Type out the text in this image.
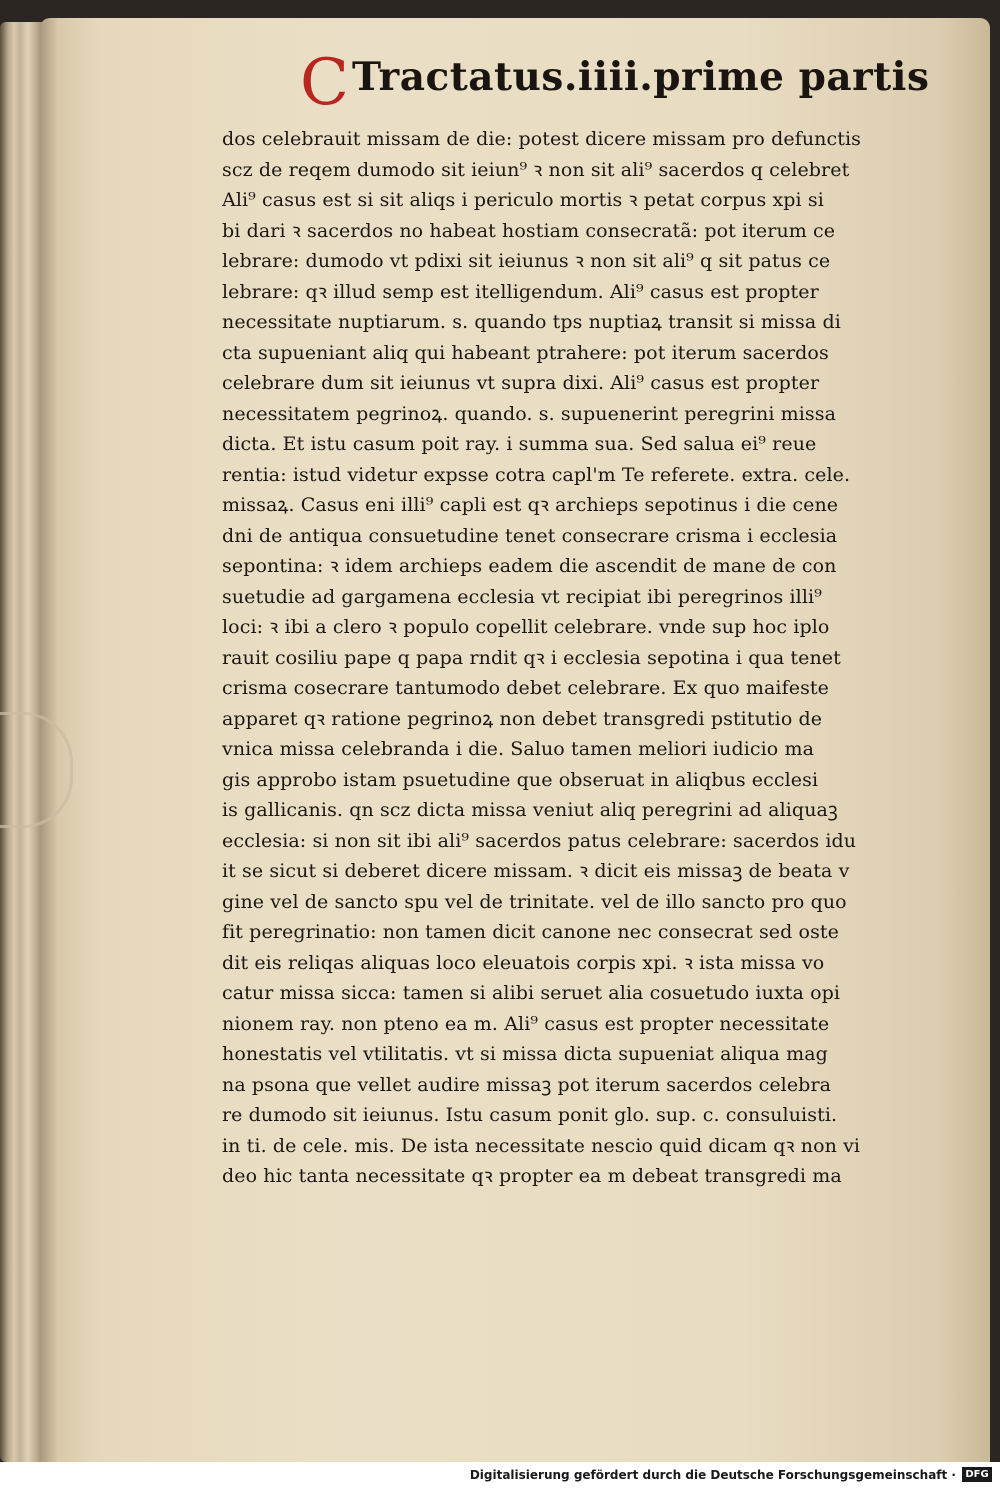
C Tractatus.iiii.prime partis
dos celebrauit missam de die: potest dicere missam pro defunctis
scz de reqem dumodo sit ieiun⁹ ꝛ non sit ali⁹ sacerdos q celebret
Ali⁹ casus est si sit aliqs i periculo mortis ꝛ petat corpus xpi si
bi dari ꝛ sacerdos no habeat hostiam consecratã: pot iterum ce
lebrare: dumodo vt pdixi sit ieiunus ꝛ non sit ali⁹ q sit patus ce
lebrare: qꝛ illud semp est itelligendum. Ali⁹ casus est propter
necessitate nuptiarum. s. quando tps nuptiaꝝ transit si missa di
cta supueniant aliq qui habeant ptrahere: pot iterum sacerdos
celebrare dum sit ieiunus vt supra dixi. Ali⁹ casus est propter
necessitatem pegrinoꝝ. quando. s. supuenerint peregrini missa
dicta. Et istu casum poit ray. i summa sua. Sed salua ei⁹ reue
rentia: istud videtur expsse cotra capl'm Te referete. extra. cele.
missaꝝ. Casus eni illi⁹ capli est qꝛ archieps sepotinus i die cene
dni de antiqua consuetudine tenet consecrare crisma i ecclesia
sepontina: ꝛ idem archieps eadem die ascendit de mane de con
suetudie ad gargamena ecclesia vt recipiat ibi peregrinos illi⁹
loci: ꝛ ibi a clero ꝛ populo copellit celebrare. vnde sup hoc iplo
rauit cosiliu pape q papa rndit qꝛ i ecclesia sepotina i qua tenet
crisma cosecrare tantumodo debet celebrare. Ex quo maifeste
apparet qꝛ ratione pegrinoꝝ non debet transgredi pstitutio de
vnica missa celebranda i die. Saluo tamen meliori iudicio ma
gis approbo istam psuetudine que obseruat in aliqbus ecclesi
is gallicanis. qn scz dicta missa veniut aliq peregrini ad aliquaꝫ
ecclesia: si non sit ibi ali⁹ sacerdos patus celebrare: sacerdos idu
it se sicut si deberet dicere missam. ꝛ dicit eis missaꝫ de beata v
gine vel de sancto spu vel de trinitate. vel de illo sancto pro quo
fit peregrinatio: non tamen dicit canone nec consecrat sed oste
dit eis reliqas aliquas loco eleuatois corpis xpi. ꝛ ista missa vo
catur missa sicca: tamen si alibi seruet alia cosuetudo iuxta opi
nionem ray. non pteno ea m. Ali⁹ casus est propter necessitate
honestatis vel vtilitatis. vt si missa dicta supueniat aliqua mag
na psona que vellet audire missaꝫ pot iterum sacerdos celebra
re dumodo sit ieiunus. Istu casum ponit glo. sup. c. consuluisti.
in ti. de cele. mis. De ista necessitate nescio quid dicam qꝛ non vi
deo hic tanta necessitate qꝛ propter ea m debeat transgredi ma
Digitalisierung gefördert durch die Deutsche Forschungsgemeinschaft · DFG
